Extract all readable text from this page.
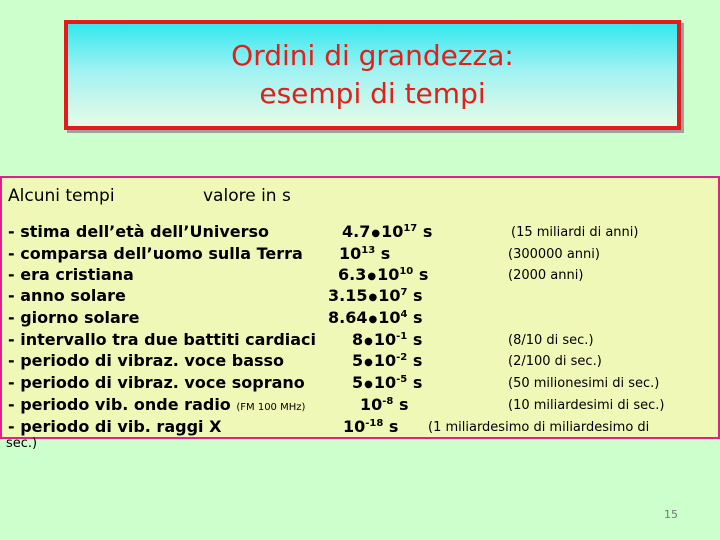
Ordini di grandezza:
esempi di tempi
Alcuni tempi	valore in s
- stima dell’età dell’Universo
- comparsa dell’uomo sulla Terra
- era cristiana
- anno solare
- giorno solare
- intervallo tra due battiti cardiaci
- periodo di vibraz. voce basso
- periodo di vibraz. voce soprano
- periodo vib. onde radio (FM 100 MHz)
- periodo di vib. raggi X
$4.7●10^{17}$ s
$10^{13}$ s
$6.3●10^{10}$ s
$3.15●10^7$ s
$8.64●10^4$ s
$8●10^{-1}$ s
$5●10^{-2}$ s
$5●10^{-5}$ s
$10^{-8}$ s
$10^{-18}$ s
(15 miliardi di anni)
(300000 anni)
(2000 anni)
(8/10 di sec.)
(2/100 di sec.)
(50 milionesimi di sec.)
(10 miliardesimi di sec.)
(1 miliardesimo di miliardesimo di
sec.)
15
